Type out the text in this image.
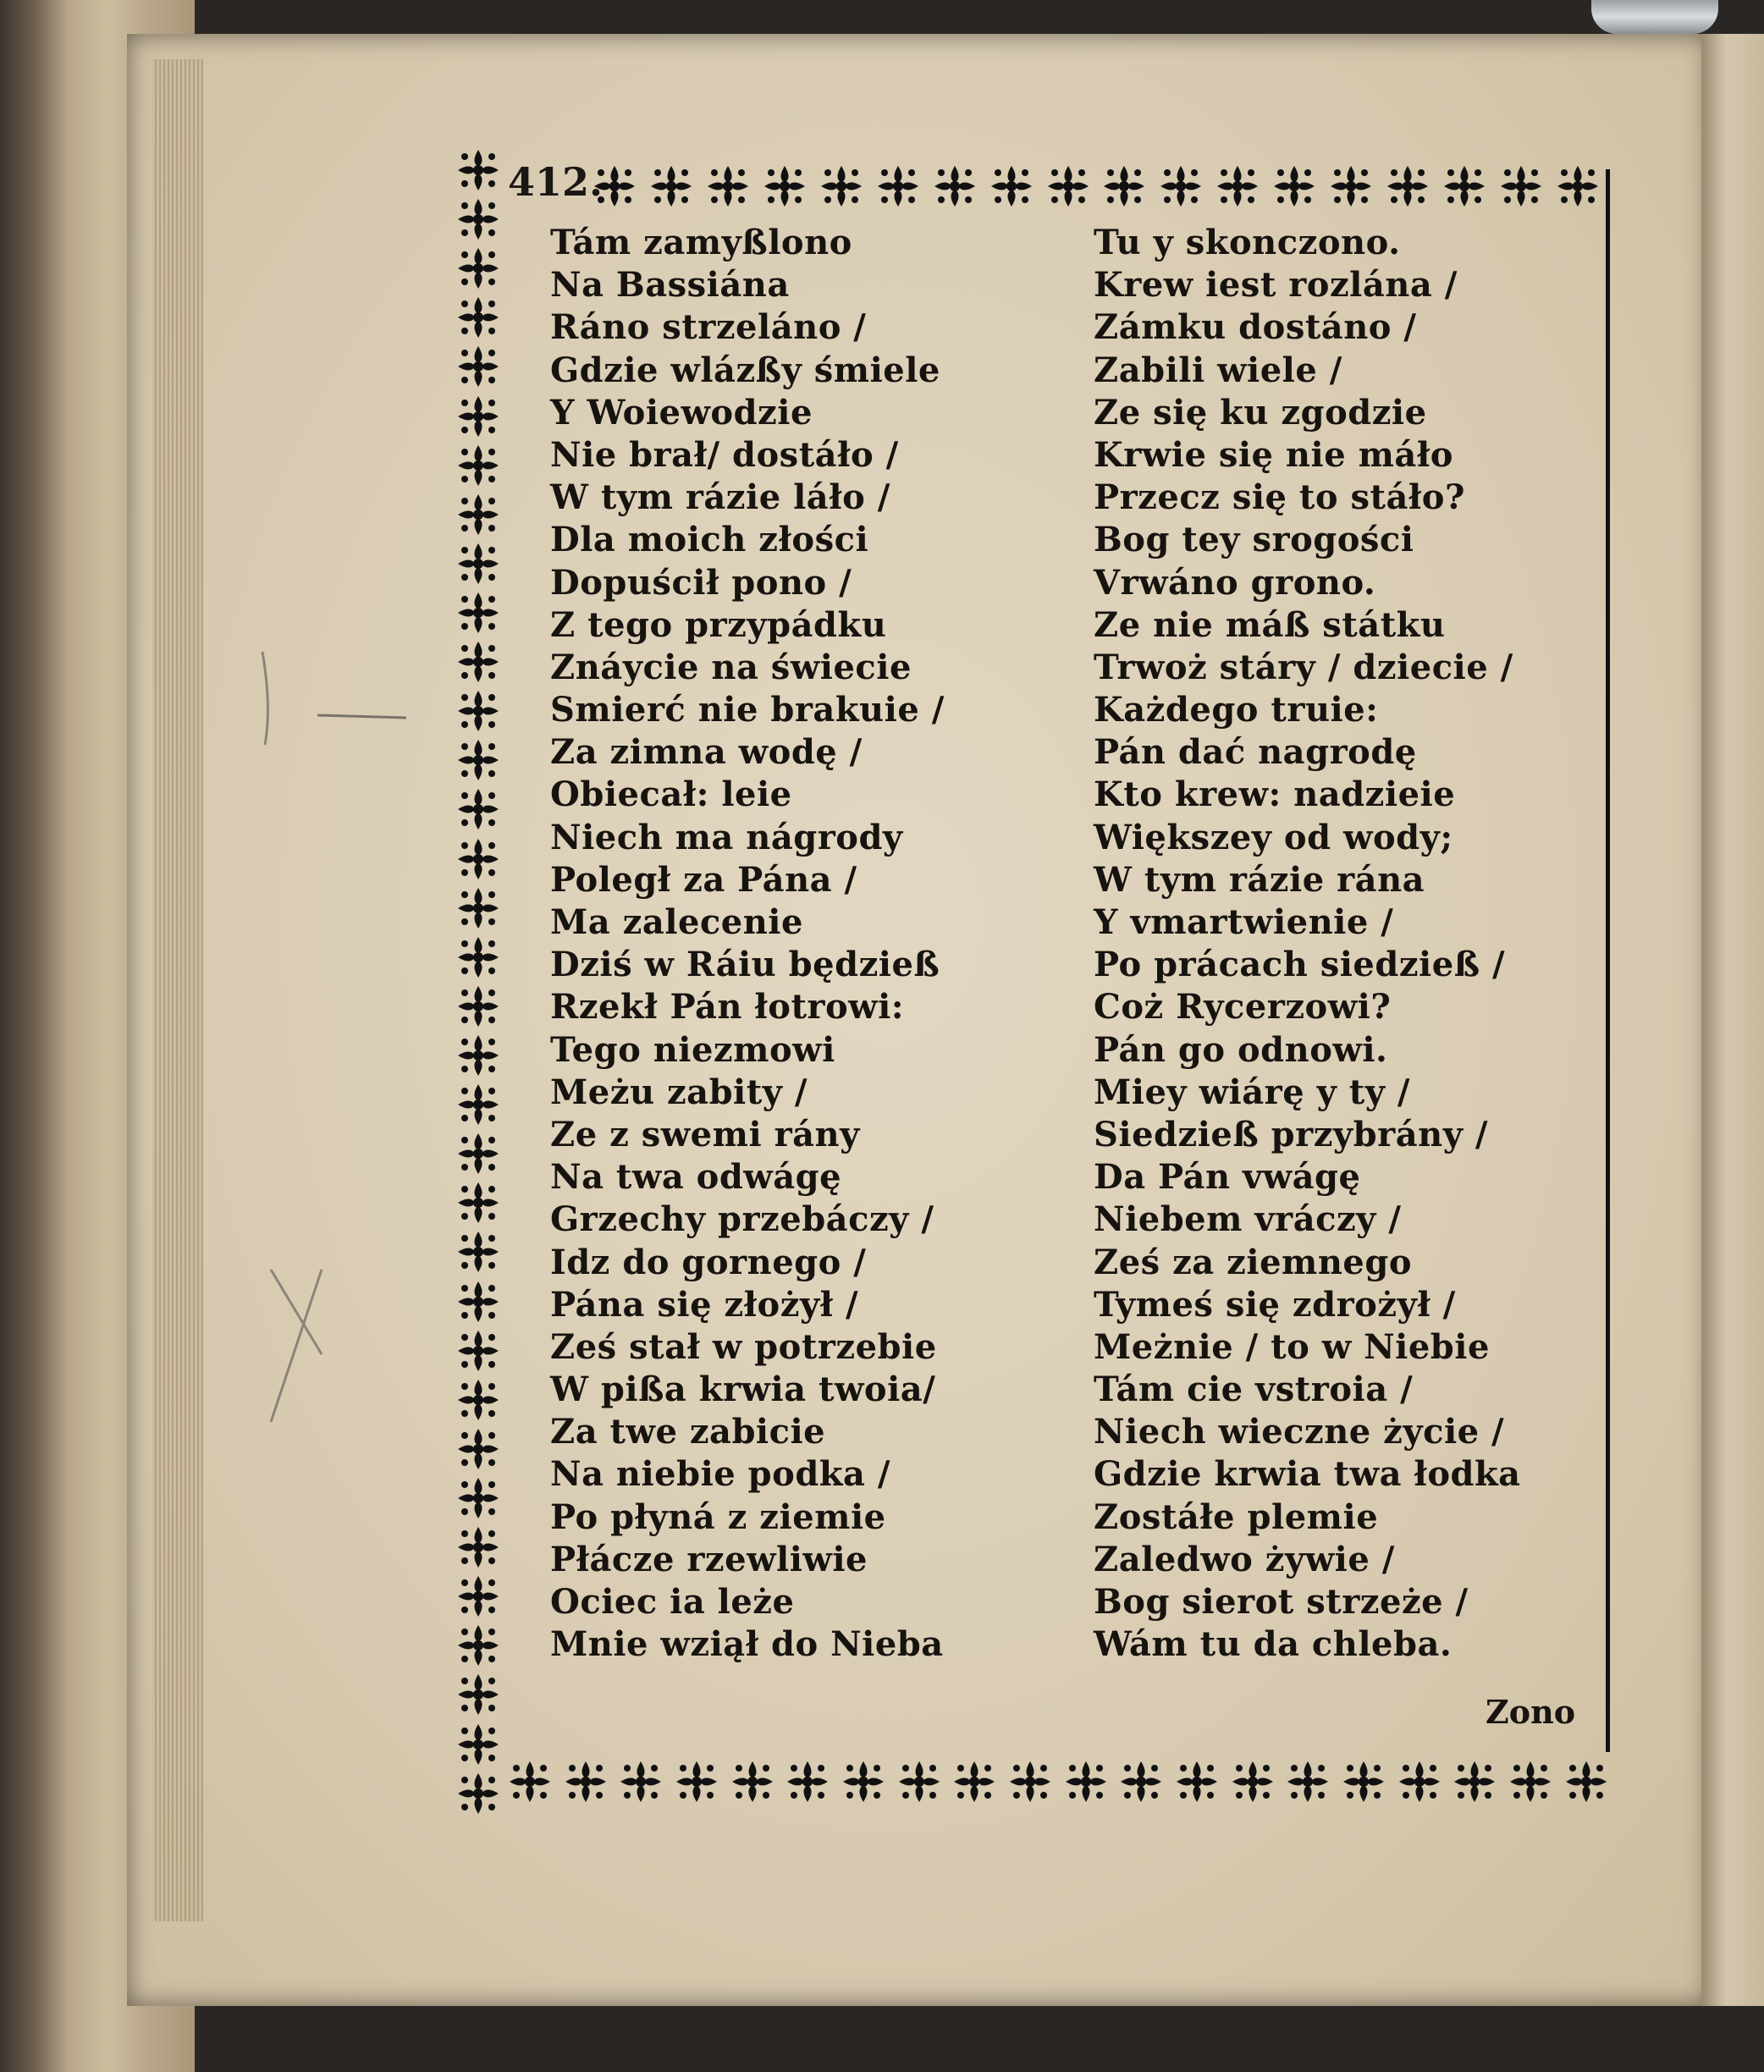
412.
Tám zamyßlono
Na Bassiána
Ráno strzeláno /
Gdzie wlázßy śmiele
Y Woiewodzie
Nie brał/ dostáło /
W tym rázie láło /
Dla moich złości
Dopuścił pono /
Z tego przypádku
Znáycie na świecie
Smierć nie brakuie /
Za zimna wodę /
Obiecał: leie
Niech ma nágrody
Poległ za Pána /
Ma zalecenie
Dziś w Ráiu będzieß
Rzekł Pán łotrowi:
Tego niezmowi
Meżu zabity /
Ze z swemi rány
Na twa odwágę
Grzechy przebáczy /
Idz do gornego /
Pána się złożył /
Ześ stał w potrzebie
W pißa krwia twoia/
Za twe zabicie
Na niebie podka /
Po płyná z ziemie
Płácze rzewliwie
Ociec ia leże
Mnie wziął do Nieba
Tu y skonczono.
Krew iest rozlána /
Zámku dostáno /
Zabili wiele /
Ze się ku zgodzie
Krwie się nie máło
Przecz się to stáło?
Bog tey srogości
Vrwáno grono.
Ze nie máß státku
Trwoż stáry / dziecie /
Każdego truie:
Pán dać nagrodę
Kto krew: nadzieie
Większey od wody;
W tym rázie rána
Y vmartwienie /
Po prácach siedzieß /
Coż Rycerzowi?
Pán go odnowi.
Miey wiárę y ty /
Siedzieß przybrány /
Da Pán vwágę
Niebem vráczy /
Ześ za ziemnego
Tymeś się zdrożył /
Meżnie / to w Niebie
Tám cie vstroia /
Niech wieczne życie /
Gdzie krwia twa łodka
Zostáłe plemie
Zaledwo żywie /
Bog sierot strzeże /
Wám tu da chleba.
Zono
